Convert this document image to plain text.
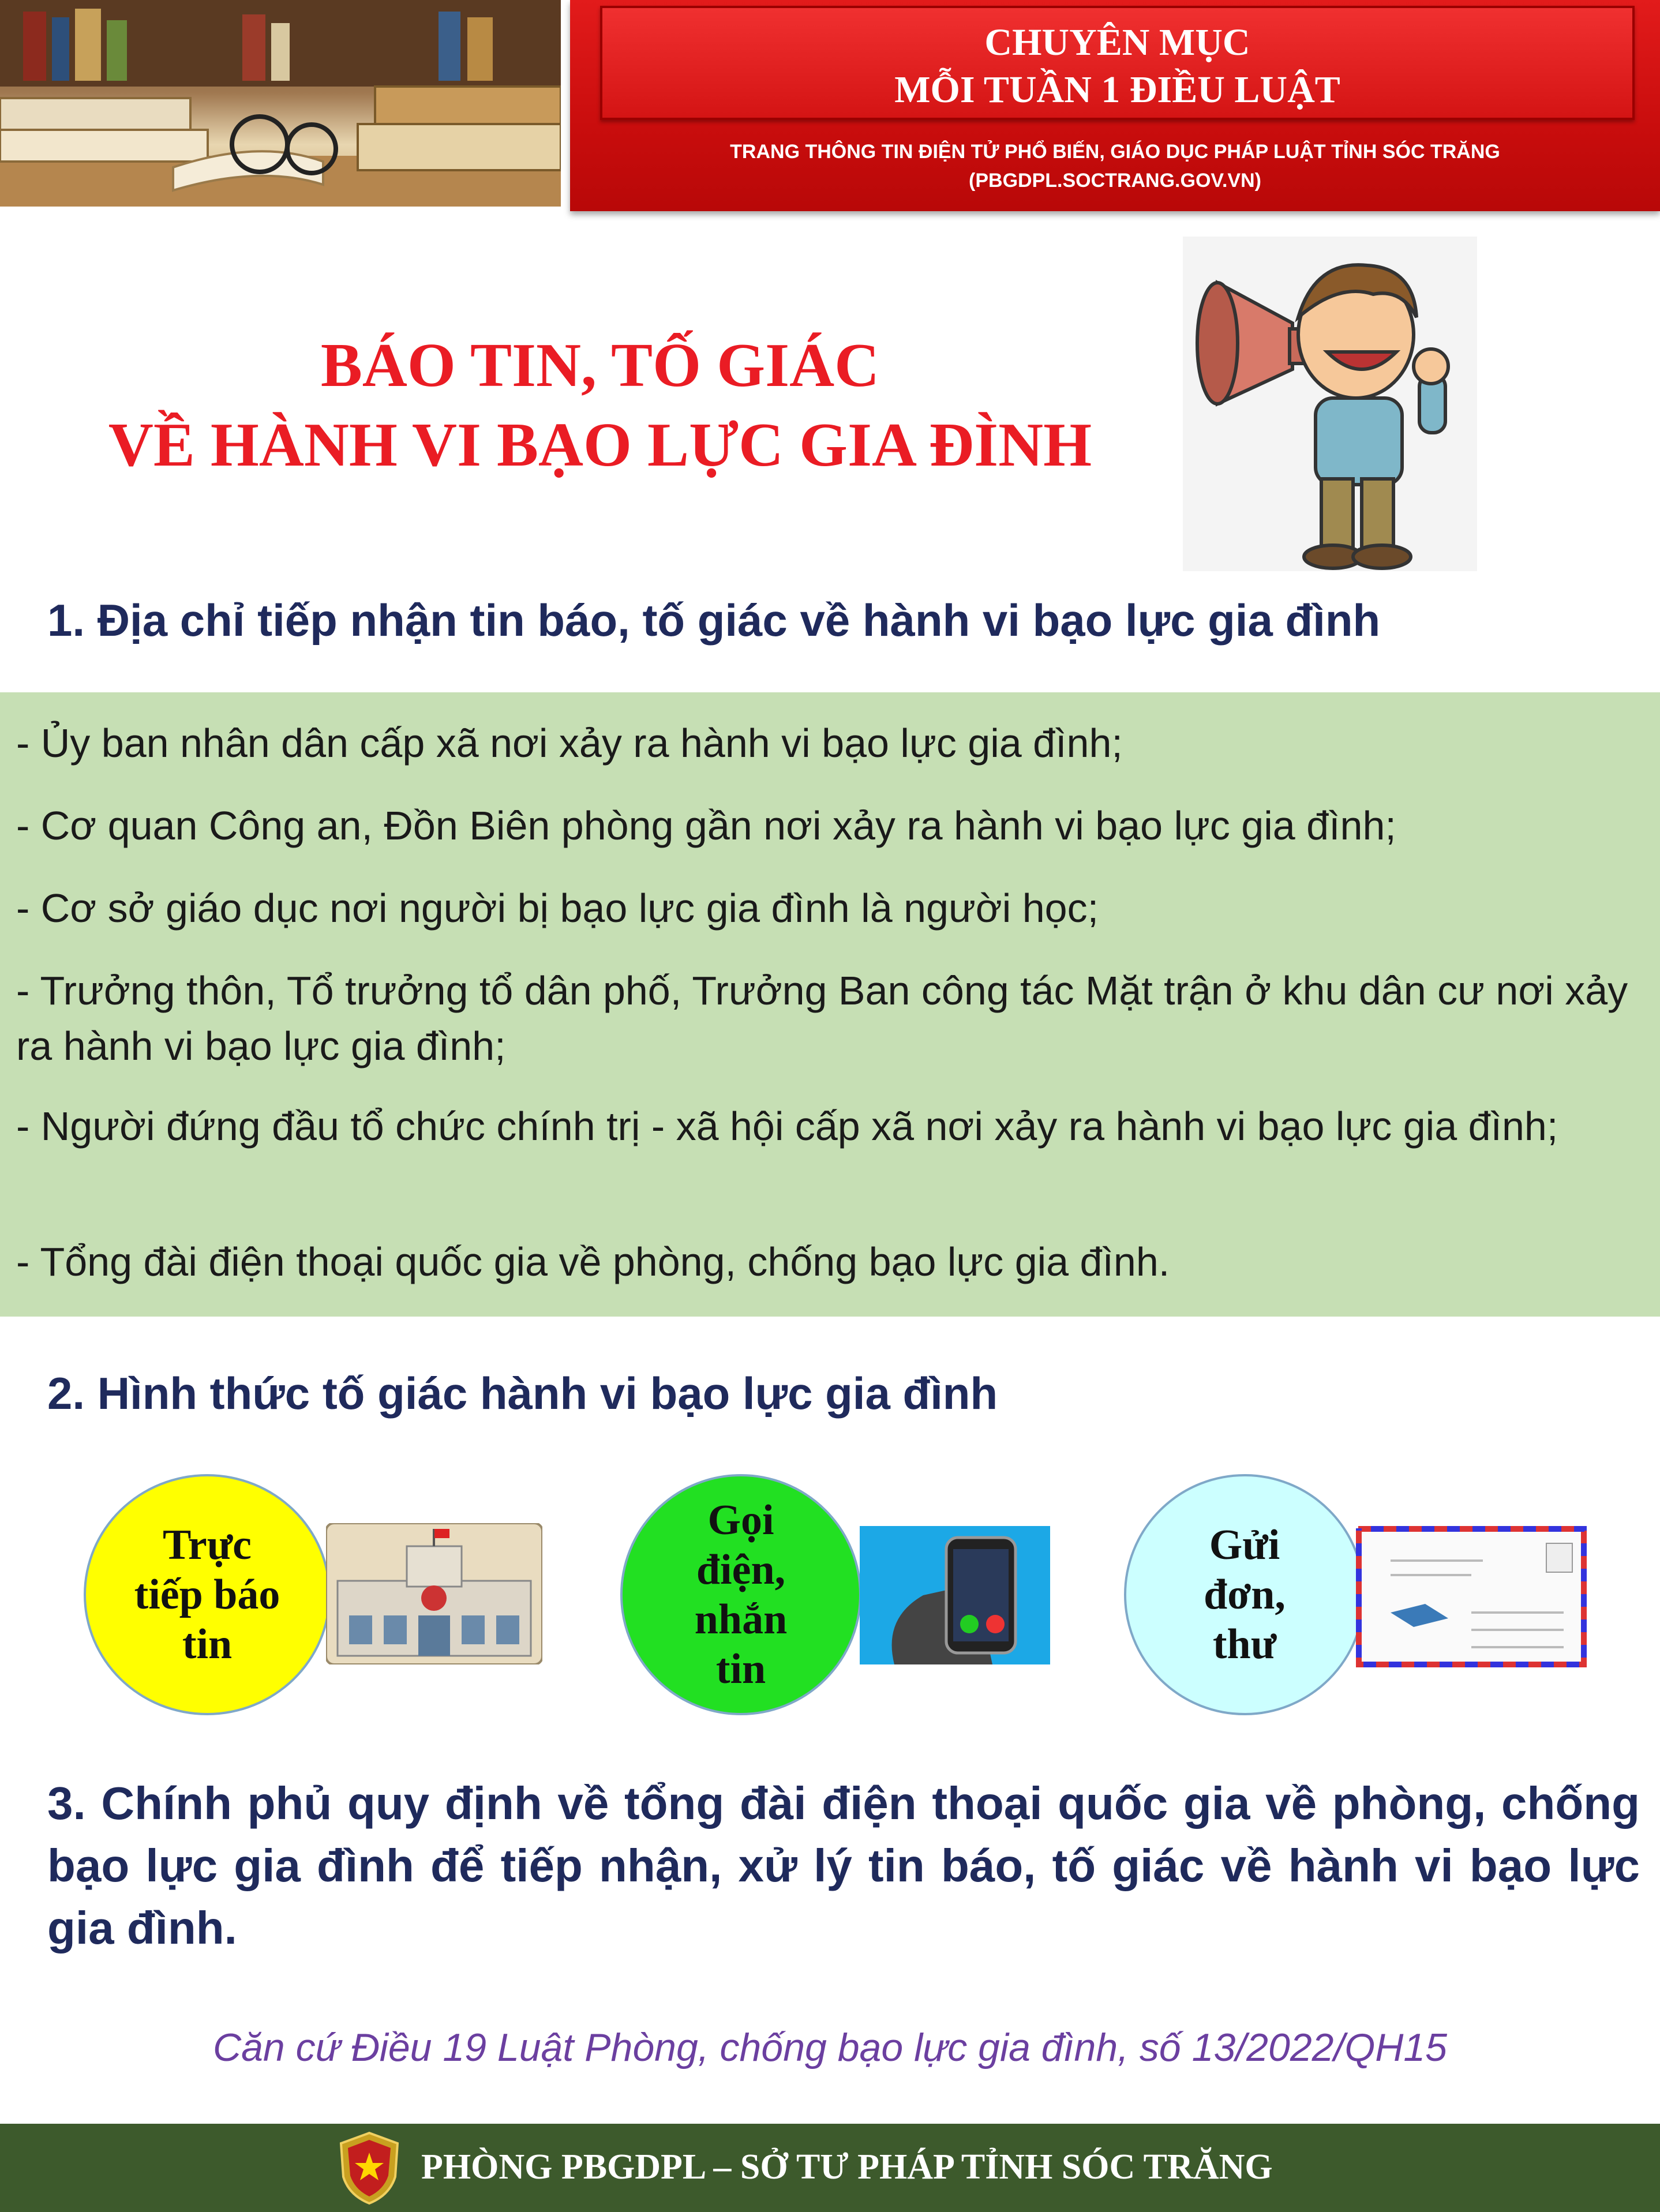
CHUYÊN MỤC
MỖI TUẦN 1 ĐIỀU LUẬT
TRANG THÔNG TIN ĐIỆN TỬ PHỔ BIẾN, GIÁO DỤC PHÁP LUẬT TỈNH SÓC TRĂNG
(PBGDPL.SOCTRANG.GOV.VN)
BÁO TIN, TỐ GIÁC
VỀ HÀNH VI BẠO LỰC GIA ĐÌNH
1. Địa chỉ tiếp nhận tin báo, tố giác về hành vi bạo lực gia đình
- Ủy ban nhân dân cấp xã nơi xảy ra hành vi bạo lực gia đình;
- Cơ quan Công an, Đồn Biên phòng gần nơi xảy ra hành vi bạo lực gia đình;
- Cơ sở giáo dục nơi người bị bạo lực gia đình là người học;
- Trưởng thôn, Tổ trưởng tổ dân phố, Trưởng Ban công tác Mặt trận ở khu dân cư nơi xảy ra hành vi bạo lực gia đình;
- Người đứng đầu tổ chức chính trị - xã hội cấp xã nơi xảy ra hành vi bạo lực gia đình;
- Tổng đài điện thoại quốc gia về phòng, chống bạo lực gia đình.
2. Hình thức tố giác hành vi bạo lực gia đình
Trực tiếp báo tin
Gọi điện, nhắn tin
Gửi đơn, thư
3. Chính phủ quy định về tổng đài điện thoại quốc gia về phòng, chống bạo lực gia đình để tiếp nhận, xử lý tin báo, tố giác về hành vi bạo lực gia đình.
Căn cứ Điều 19 Luật Phòng, chống bạo lực gia đình, số 13/2022/QH15
PHÒNG PBGDPL – SỞ TƯ PHÁP TỈNH SÓC TRĂNG
